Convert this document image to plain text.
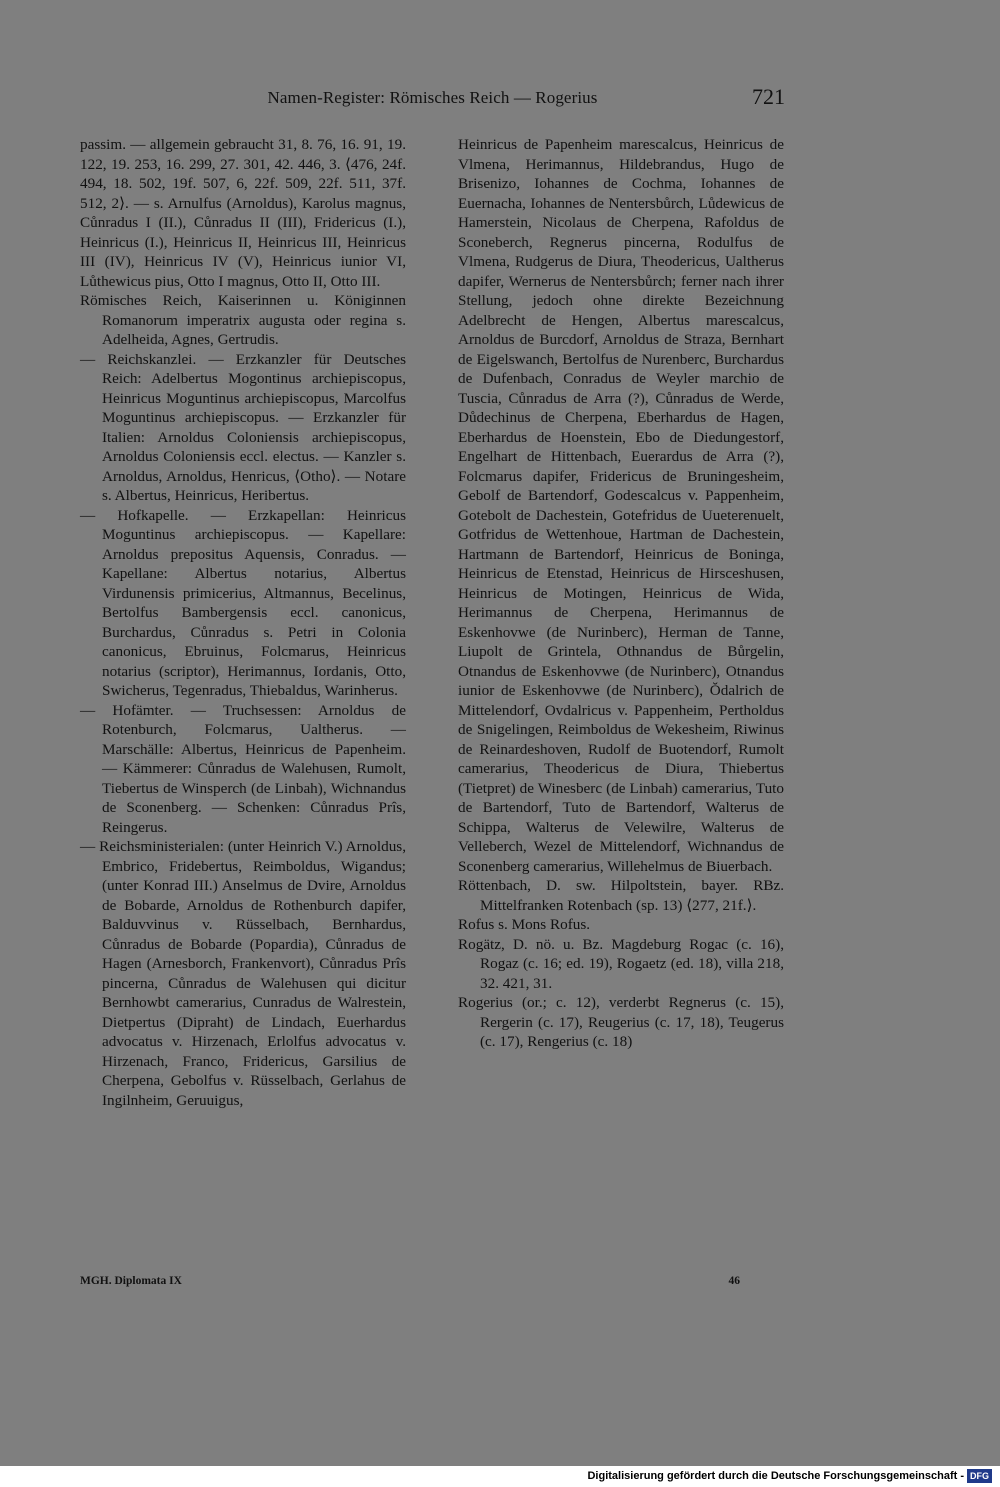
Namen-Register: Römisches Reich — Rogerius	721

passim. — allgemein gebraucht 31, 8. 76, 16. 91, 19. 122, 19. 253, 16. 299, 27. 301, 42. 446, 3. ⟨476, 24f. 494, 18. 502, 19f. 507, 6, 22f. 509, 22f. 511, 37f. 512, 2⟩. — s. Arnulfus (Arnoldus), Karolus magnus, Cůnradus I (II.), Cůnradus II (III), Fridericus (I.), Heinricus (I.), Heinricus II, Heinricus III, Heinricus III (IV), Heinricus IV (V), Heinricus iunior VI, Lůthewicus pius, Otto I magnus, Otto II, Otto III.

Römisches Reich, Kaiserinnen u. Königinnen Romanorum imperatrix augusta oder regina s. Adelheida, Agnes, Gertrudis.

— Reichskanzlei. — Erzkanzler für Deutsches Reich: Adelbertus Mogontinus archiepiscopus, Heinricus Moguntinus archiepiscopus, Marcolfus Moguntinus archiepiscopus. — Erzkanzler für Italien: Arnoldus Coloniensis archiepiscopus, Arnoldus Coloniensis eccl. electus. — Kanzler s. Arnoldus, Arnoldus, Henricus, ⟨Otho⟩. — Notare s. Albertus, Heinricus, Heribertus.

— Hofkapelle. — Erzkapellan: Heinricus Moguntinus archiepiscopus. — Kapellare: Arnoldus prepositus Aquensis, Conradus. — Kapellane: Albertus notarius, Albertus Virdunensis primicerius, Altmannus, Becelinus, Bertolfus Bambergensis eccl. canonicus, Burchardus, Cůnradus s. Petri in Colonia canonicus, Ebruinus, Folcmarus, Heinricus notarius (scriptor), Herimannus, Iordanis, Otto, Swicherus, Tegenradus, Thiebaldus, Warinherus.

— Hofämter. — Truchsessen: Arnoldus de Rotenburch, Folcmarus, Ualtherus. — Marschälle: Albertus, Heinricus de Papenheim. — Kämmerer: Cůnradus de Walehusen, Rumolt, Tiebertus de Winsperch (de Linbah), Wichnandus de Sconenberg. — Schenken: Cůnradus Prîs, Reingerus.

— Reichsministerialen: (unter Heinrich V.) Arnoldus, Embrico, Fridebertus, Reimboldus, Wigandus; (unter Konrad III.) Anselmus de Dvire, Arnoldus de Bobarde, Arnoldus de Rothenburch dapifer, Balduvvinus v. Rüsselbach, Bernhardus, Cůnradus de Bobarde (Popardia), Cůnradus de Hagen (Arnesborch, Frankenvort), Cůnradus Prîs pincerna, Cůnradus de Walehusen qui dicitur Bernhowbt camerarius, Cunradus de Walrestein, Dietpertus (Dipraht) de Lindach, Euerhardus advocatus v. Hirzenach, Erlolfus advocatus v. Hirzenach, Franco, Fridericus, Garsilius de Cherpena, Gebolfus v. Rüsselbach, Gerlahus de Ingilnheim, Geruuigus,

Heinricus de Papenheim marescalcus, Heinricus de Vlmena, Herimannus, Hildebrandus, Hugo de Brisenizo, Iohannes de Cochma, Iohannes de Euernacha, Iohannes de Nentersbůrch, Lůdewicus de Hamerstein, Nicolaus de Cherpena, Rafoldus de Sconeberch, Regnerus pincerna, Rodulfus de Vlmena, Rudgerus de Diura, Theodericus, Ualtherus dapifer, Wernerus de Nentersbůrch; ferner nach ihrer Stellung, jedoch ohne direkte Bezeichnung Adelbrecht de Hengen, Albertus marescalcus, Arnoldus de Burcdorf, Arnoldus de Straza, Bernhart de Eigelswanch, Bertolfus de Nurenberc, Burchardus de Dufenbach, Conradus de Weyler marchio de Tuscia, Cůnradus de Arra (?), Cůnradus de Werde, Důdechinus de Cherpena, Eberhardus de Hagen, Eberhardus de Hoenstein, Ebo de Diedungestorf, Engelhart de Hittenbach, Euerardus de Arra (?), Folcmarus dapifer, Fridericus de Bruningesheim, Gebolf de Bartendorf, Godescalcus v. Pappenheim, Gotebolt de Dachestein, Gotefridus de Uueterenuelt, Gotfridus de Wettenhoue, Hartman de Dachestein, Hartmann de Bartendorf, Heinricus de Boninga, Heinricus de Etenstad, Heinricus de Hirsceshusen, Heinricus de Motingen, Heinricus de Wida, Herimannus de Cherpena, Herimannus de Eskenhovwe (de Nurinberc), Herman de Tanne, Liupolt de Grintela, Othnandus de Bůrgelin, Otnandus de Eskenhovwe (de Nurinberc), Otnandus iunior de Eskenhovwe (de Nurinberc), Ŏdalrich de Mittelendorf, Ovdalricus v. Pappenheim, Pertholdus de Snigelingen, Reimboldus de Wekesheim, Riwinus de Reinardeshoven, Rudolf de Buotendorf, Rumolt camerarius, Theodericus de Diura, Thiebertus (Tietpret) de Winesberc (de Linbah) camerarius, Tuto de Bartendorf, Tuto de Bartendorf, Walterus de Schippa, Walterus de Velewilre, Walterus de Velleberch, Wezel de Mittelendorf, Wichnandus de Sconenberg camerarius, Willehelmus de Biuerbach.

Röttenbach, D. sw. Hilpoltstein, bayer. RBz. Mittelfranken Rotenbach (sp. 13) ⟨277, 21f.⟩.

Rofus s. Mons Rofus.

Rogätz, D. nö. u. Bz. Magdeburg Rogac (c. 16), Rogaz (c. 16; ed. 19), Rogaetz (ed. 18), villa 218, 32. 421, 31.

Rogerius (or.; c. 12), verderbt Regnerus (c. 15), Rergerin (c. 17), Reugerius (c. 17, 18), Teugerus (c. 17), Rengerius (c. 18)

MGH. Diplomata IX	46
Digitalisierung gefördert durch die Deutsche Forschungsgemeinschaft - DFG
